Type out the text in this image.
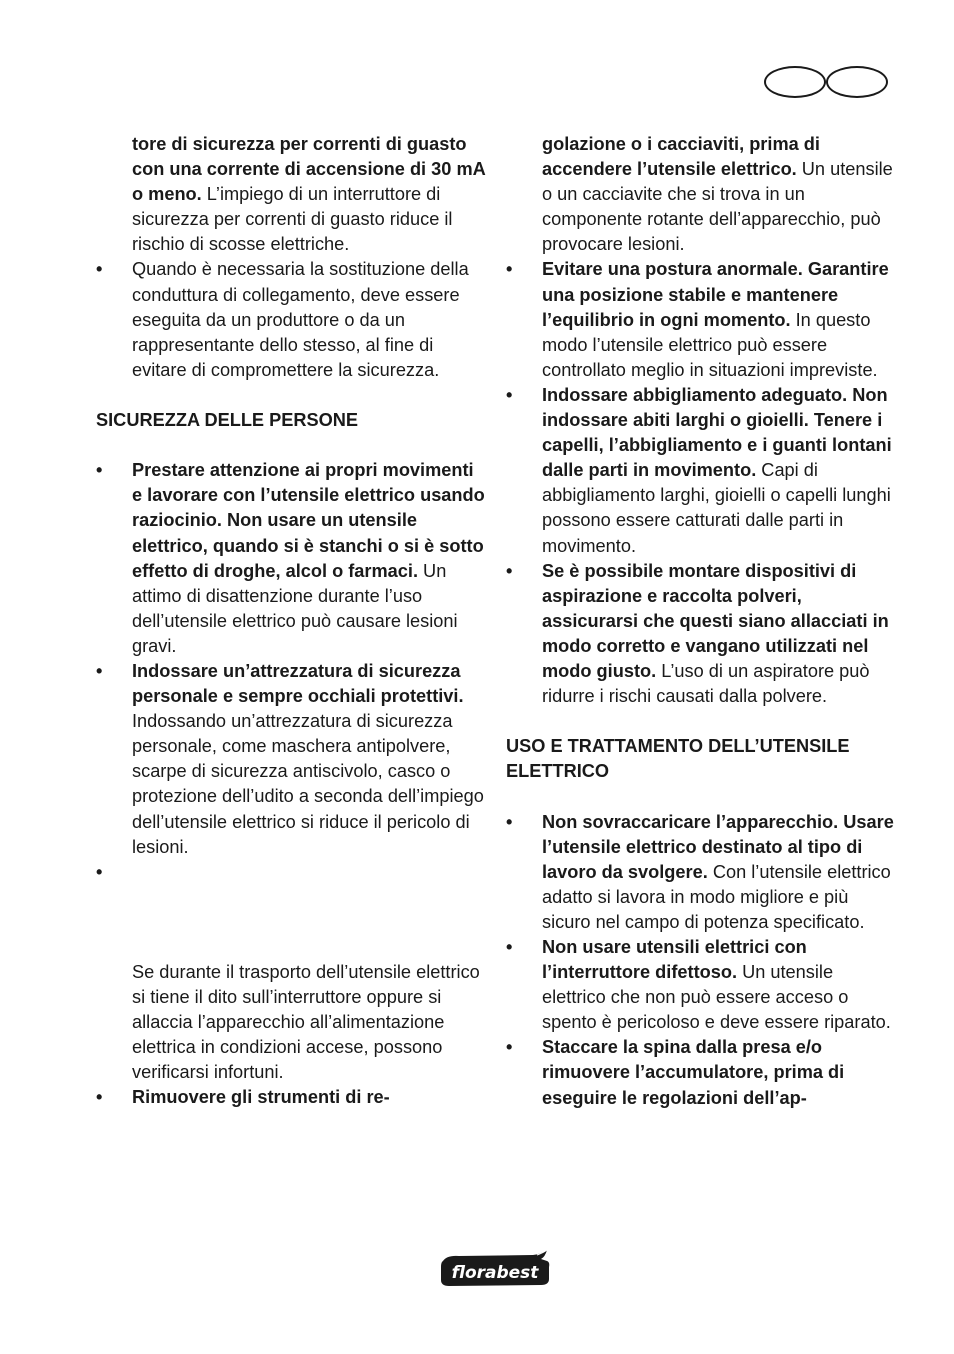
tore di sicurezza per correnti di guasto con una corrente di accensione di 30 mA o meno. L’impiego di un interruttore di sicurezza per correnti di guasto riduce il rischio di scosse elettriche.

• Quando è necessaria la sostituzione della conduttura di collegamento, deve essere eseguita da un produttore o da un rappresentante dello stesso, al fine di evitare di compromettere la sicurezza.

SICUREZZA DELLE PERSONE

• Prestare attenzione ai propri movimenti e lavorare con l’utensile elettrico usando raziocinio. Non usare un utensile elettrico, quando si è stanchi o si è sotto effetto di droghe, alcol o farmaci. Un attimo di disattenzione durante l’uso dell’utensile elettrico può causare lesioni gravi.

• Indossare un’attrezzatura di sicurezza personale e sempre occhiali protettivi. Indossando un’attrezzatura di sicurezza personale, come maschera antipolvere, scarpe di sicurezza antiscivolo, casco o protezione dell’udito a seconda dell’impiego dell’utensile elettrico si riduce il pericolo di lesioni.

• Se durante il trasporto dell’utensile elettrico si tiene il dito sull’interruttore oppure si allaccia l’apparecchio all’alimentazione elettrica in condizioni accese, possono verificarsi infortuni.

• Rimuovere gli strumenti di re-

golazione o i cacciaviti, prima di accendere l’utensile elettrico. Un utensile o un cacciavite che si trova in un componente rotante dell’apparecchio, può provocare lesioni.

• Evitare una postura anormale. Garantire una posizione stabile e mantenere l’equilibrio in ogni momento. In questo modo l’utensile elettrico può essere controllato meglio in situazioni impreviste.

• Indossare abbigliamento adeguato. Non indossare abiti larghi o gioielli. Tenere i capelli, l’abbigliamento e i guanti lontani dalle parti in movimento. Capi di abbigliamento larghi, gioielli o capelli lunghi possono essere catturati dalle parti in movimento.

• Se è possibile montare dispositivi di aspirazione e raccolta polveri, assicurarsi che questi siano allacciati in modo corretto e vangano utilizzati nel modo giusto. L’uso di un aspiratore può ridurre i rischi causati dalla polvere.

USO E TRATTAMENTO DELL’UTENSILE ELETTRICO

• Non sovraccaricare l’apparecchio. Usare l’utensile elettrico destinato al tipo di lavoro da svolgere. Con l’utensile elettrico adatto si lavora in modo migliore e più sicuro nel campo di potenza specificato.

• Non usare utensili elettrici con l’interruttore difettoso. Un utensile elettrico che non può essere acceso o spento è pericoloso e deve essere riparato.

• Staccare la spina dalla presa e/o rimuovere l’accumulatore, prima di eseguire le regolazioni dell’ap-

florabest
